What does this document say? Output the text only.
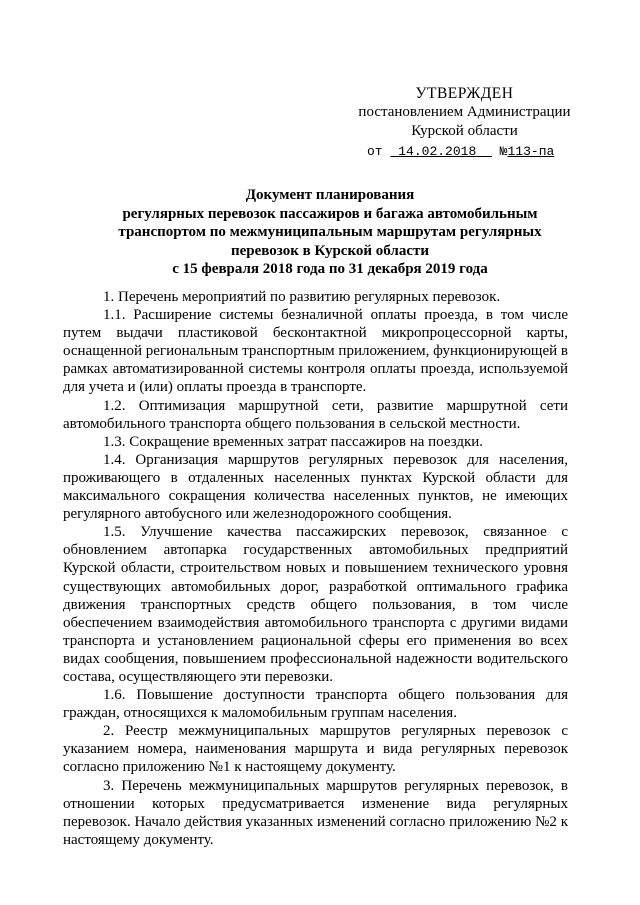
УТВЕРЖДЕН
постановлением Администрации
Курской области
от 14.02.2018 №113-па
Документ планирования
регулярных перевозок пассажиров и багажа автомобильным
транспортом по межмуниципальным маршрутам регулярных
перевозок в Курской области
с 15 февраля 2018 года по 31 декабря 2019 года

1. Перечень мероприятий по развитию регулярных перевозок.

1.1. Расширение системы безналичной оплаты проезда, в том числе путем выдачи пластиковой бесконтактной микропроцессорной карты, оснащенной региональным транспортным приложением, функционирующей в рамках автоматизированной системы контроля оплаты проезда, используемой для учета и (или) оплаты проезда в транспорте.

1.2. Оптимизация маршрутной сети, развитие маршрутной сети автомобильного транспорта общего пользования в сельской местности.

1.3. Сокращение временных затрат пассажиров на поездки.

1.4. Организация маршрутов регулярных перевозок для населения, проживающего в отдаленных населенных пунктах Курской области для максимального сокращения количества населенных пунктов, не имеющих регулярного автобусного или железнодорожного сообщения.

1.5. Улучшение качества пассажирских перевозок, связанное с обновлением автопарка государственных автомобильных предприятий Курской области, строительством новых и повышением технического уровня существующих автомобильных дорог, разработкой оптимального графика движения транспортных средств общего пользования, в том числе обеспечением взаимодействия автомобильного транспорта с другими видами транспорта и установлением рациональной сферы его применения во всех видах сообщения, повышением профессиональной надежности водительского состава, осуществляющего эти перевозки.

1.6. Повышение доступности транспорта общего пользования для граждан, относящихся к маломобильным группам населения.

2. Реестр межмуниципальных маршрутов регулярных перевозок с указанием номера, наименования маршрута и вида регулярных перевозок согласно приложению №1 к настоящему документу.

3. Перечень межмуниципальных маршрутов регулярных перевозок, в отношении которых предусматривается изменение вида регулярных перевозок. Начало действия указанных изменений согласно приложению №2 к настоящему документу.
